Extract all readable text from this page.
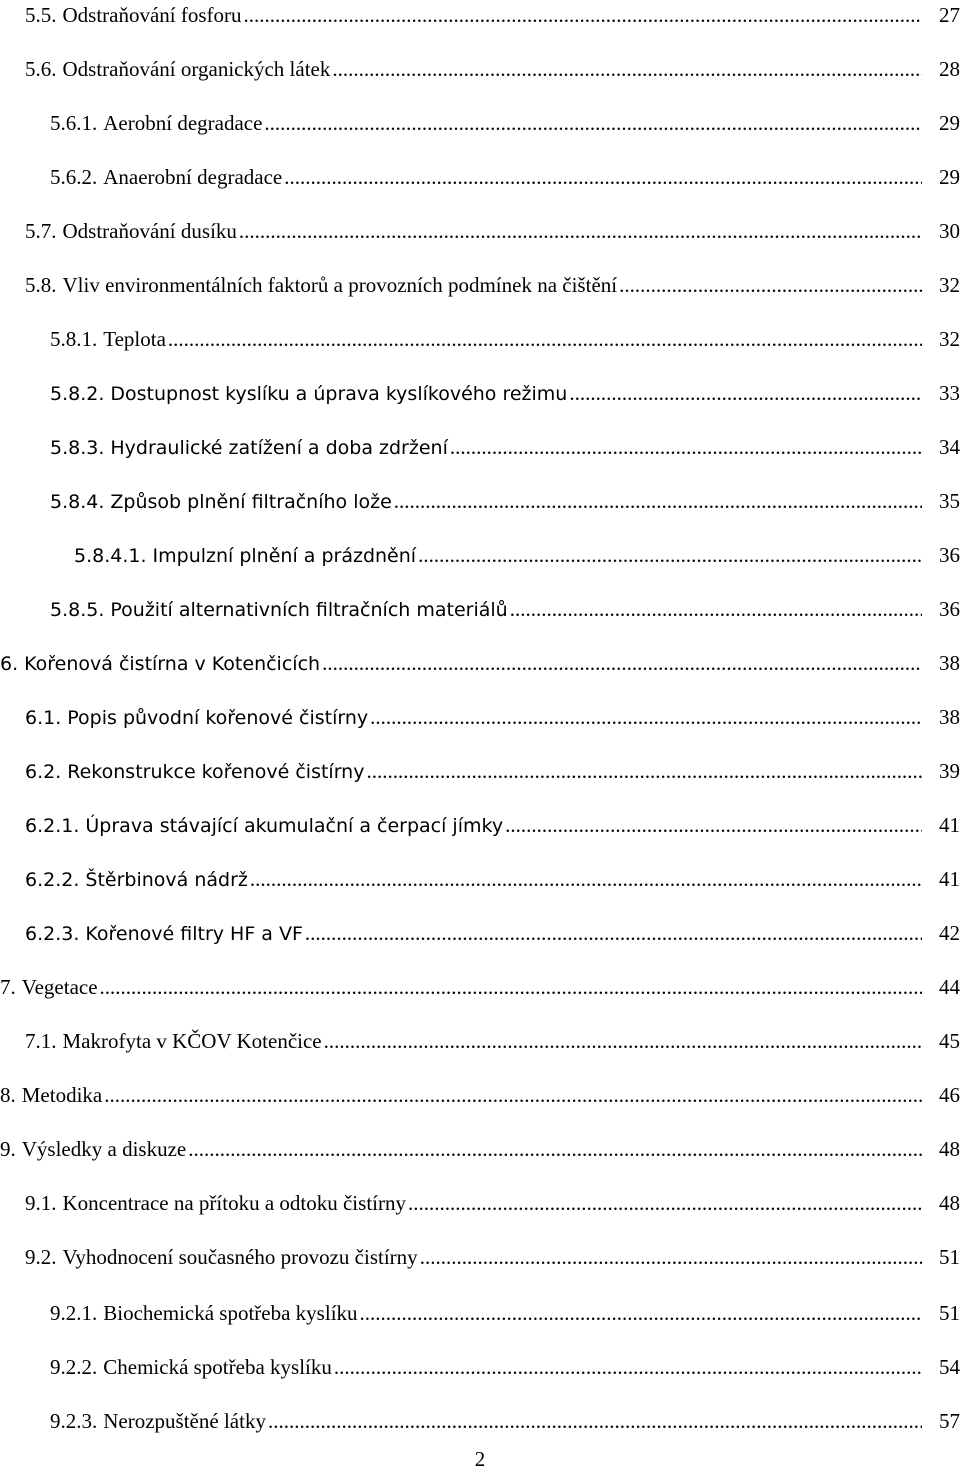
5.5. Odstraňování fosforu .....	27
5.6. Odstraňování organických látek .....	28
5.6.1. Aerobní degradace .....	29
5.6.2. Anaerobní degradace .....	29
5.7. Odstraňování dusíku .....	30
5.8. Vliv environmentálních faktorů a provozních podmínek na čištění .....	32
5.8.1. Teplota .....	32
5.8.2. Dostupnost kyslíku a úprava kyslíkového režimu .....	33
5.8.3. Hydraulické zatížení a doba zdržení .....	34
5.8.4. Způsob plnění filtračního lože .....	35
5.8.4.1. Impulzní plnění a prázdnění .....	36
5.8.5. Použití alternativních filtračních materiálů .....	36
6. Kořenová čistírna v Kotenčicích .....	38
6.1. Popis původní kořenové čistírny .....	38
6.2. Rekonstrukce kořenové čistírny .....	39
6.2.1. Úprava stávající akumulační a čerpací jímky .....	41
6.2.2. Štěrbinová nádrž .....	41
6.2.3. Kořenové filtry HF a VF .....	42
7. Vegetace .....	44
7.1. Makrofyta v KČOV Kotenčice .....	45
8. Metodika .....	46
9. Výsledky a diskuze .....	48
9.1. Koncentrace na přítoku a odtoku čistírny .....	48
9.2. Vyhodnocení současného provozu čistírny .....	51
9.2.1. Biochemická spotřeba kyslíku .....	51
9.2.2. Chemická spotřeba kyslíku .....	54
9.2.3. Nerozpuštěné látky .....	57
2
